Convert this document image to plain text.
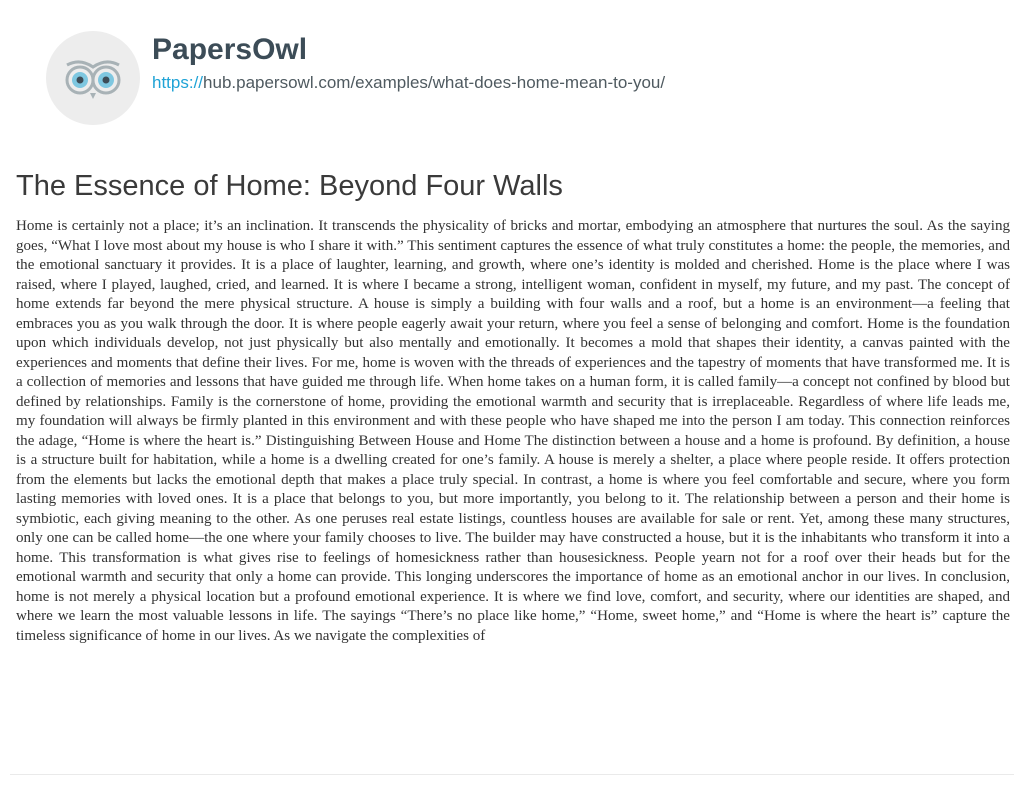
PapersOwl
https://hub.papersowl.com/examples/what-does-home-mean-to-you/
The Essence of Home: Beyond Four Walls

Home is certainly not a place; it’s an inclination. It transcends the physicality of bricks and mortar, embodying an atmosphere that nurtures the soul. As the saying goes, “What I love most about my house is who I share it with.” This sentiment captures the essence of what truly constitutes a home: the people, the memories, and the emotional sanctuary it provides. It is a place of laughter, learning, and growth, where one’s identity is molded and cherished. Home is the place where I was raised, where I played, laughed, cried, and learned. It is where I became a strong, intelligent woman, confident in myself, my future, and my past. The concept of home extends far beyond the mere physical structure. A house is simply a building with four walls and a roof, but a home is an environment—a feeling that embraces you as you walk through the door. It is where people eagerly await your return, where you feel a sense of belonging and comfort. Home is the foundation upon which individuals develop, not just physically but also mentally and emotionally. It becomes a mold that shapes their identity, a canvas painted with the experiences and moments that define their lives. For me, home is woven with the threads of experiences and the tapestry of moments that have transformed me. It is a collection of memories and lessons that have guided me through life. When home takes on a human form, it is called family—a concept not confined by blood but defined by relationships. Family is the cornerstone of home, providing the emotional warmth and security that is irreplaceable. Regardless of where life leads me, my foundation will always be firmly planted in this environment and with these people who have shaped me into the person I am today. This connection reinforces the adage, “Home is where the heart is.” Distinguishing Between House and Home The distinction between a house and a home is profound. By definition, a house is a structure built for habitation, while a home is a dwelling created for one’s family. A house is merely a shelter, a place where people reside. It offers protection from the elements but lacks the emotional depth that makes a place truly special. In contrast, a home is where you feel comfortable and secure, where you form lasting memories with loved ones. It is a place that belongs to you, but more importantly, you belong to it. The relationship between a person and their home is symbiotic, each giving meaning to the other. As one peruses real estate listings, countless houses are available for sale or rent. Yet, among these many structures, only one can be called home—the one where your family chooses to live. The builder may have constructed a house, but it is the inhabitants who transform it into a home. This transformation is what gives rise to feelings of homesickness rather than housesickness. People yearn not for a roof over their heads but for the emotional warmth and security that only a home can provide. This longing underscores the importance of home as an emotional anchor in our lives. In conclusion, home is not merely a physical location but a profound emotional experience. It is where we find love, comfort, and security, where our identities are shaped, and where we learn the most valuable lessons in life. The sayings “There’s no place like home,” “Home, sweet home,” and “Home is where the heart is” capture the timeless significance of home in our lives. As we navigate the complexities of
